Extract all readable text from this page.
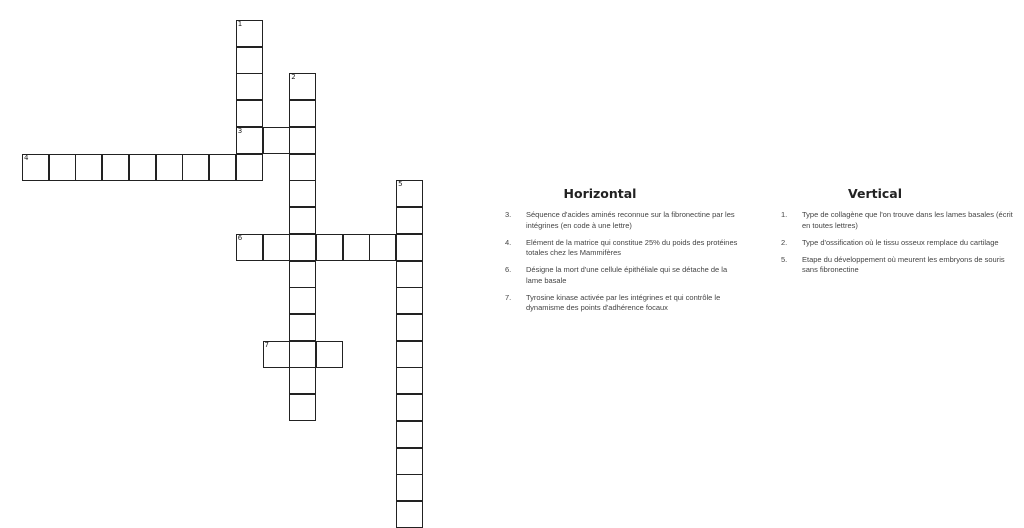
1
2
3
4
5
6
7
Horizontal
3. Séquence d'acides aminés reconnue sur la fibronectine par les intégrines (en code à une lettre)
4. Elément de la matrice qui constitue 25% du poids des protéines totales chez les Mammifères
6. Désigne la mort d'une cellule épithéliale qui se détache de la lame basale
7. Tyrosine kinase activée par les intégrines et qui contrôle le dynamisme des points d'adhérence focaux
Vertical
1. Type de collagène que l'on trouve dans les lames basales (écrit en toutes lettres)
2. Type d'ossification où le tissu osseux remplace du cartilage
5. Etape du développement où meurent les embryons de souris sans fibronectine
